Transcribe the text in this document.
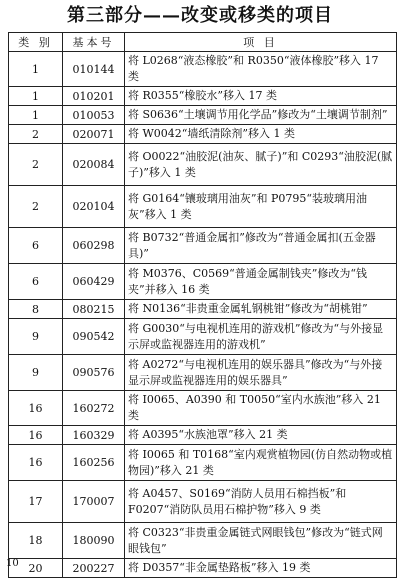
第三部分——改变或移类的项目
类 别	基本号	项 目
1	010144	将 L0268“液态橡胶”和 R0350“液体橡胶”移入 17 类
1	010201	将 R0355“橡胶水”移入 17 类
1	010053	将 S0636“土壤调节用化学品”修改为“土壤调节制剂”
2	020071	将 W0042“墙纸清除剂”移入 1 类
2	020084	将 O0022“油胶泥(油灰、腻子)”和 C0293“油胶泥(腻子)”移入 1 类
2	020104	将 G0164“镶玻璃用油灰”和 P0795“装玻璃用油灰”移入 1 类
6	060298	将 B0732“普通金属扣”修改为“普通金属扣(五金器具)”
6	060429	将 M0376、C0569“普通金属制钱夹”修改为“钱夹”并移入 16 类
8	080215	将 N0136“非贵重金属轧钢桃钳”修改为“胡桃钳”
9	090542	将 G0030“与电视机连用的游戏机”修改为“与外接显示屏或监视器连用的游戏机”
9	090576	将 A0272“与电视机连用的娱乐器具”修改为“与外接显示屏或监视器连用的娱乐器具”
16	160272	将 I0065、A0390 和 T0050“室内水族池”移入 21 类
16	160329	将 A0395“水族池罩”移入 21 类
16	160256	将 I0065 和 T0168“室内观赏植物园(仿自然动物或植物园)”移入 21 类
17	170007	将 A0457、S0169“消防人员用石棉挡板”和 F0207“消防队员用石棉护物”移入 9 类
18	180090	将 C0323“非贵重金属链式网眼钱包”修改为“链式网眼钱包”
20	200227	将 D0357“非金属垫路板”移入 19 类
10
